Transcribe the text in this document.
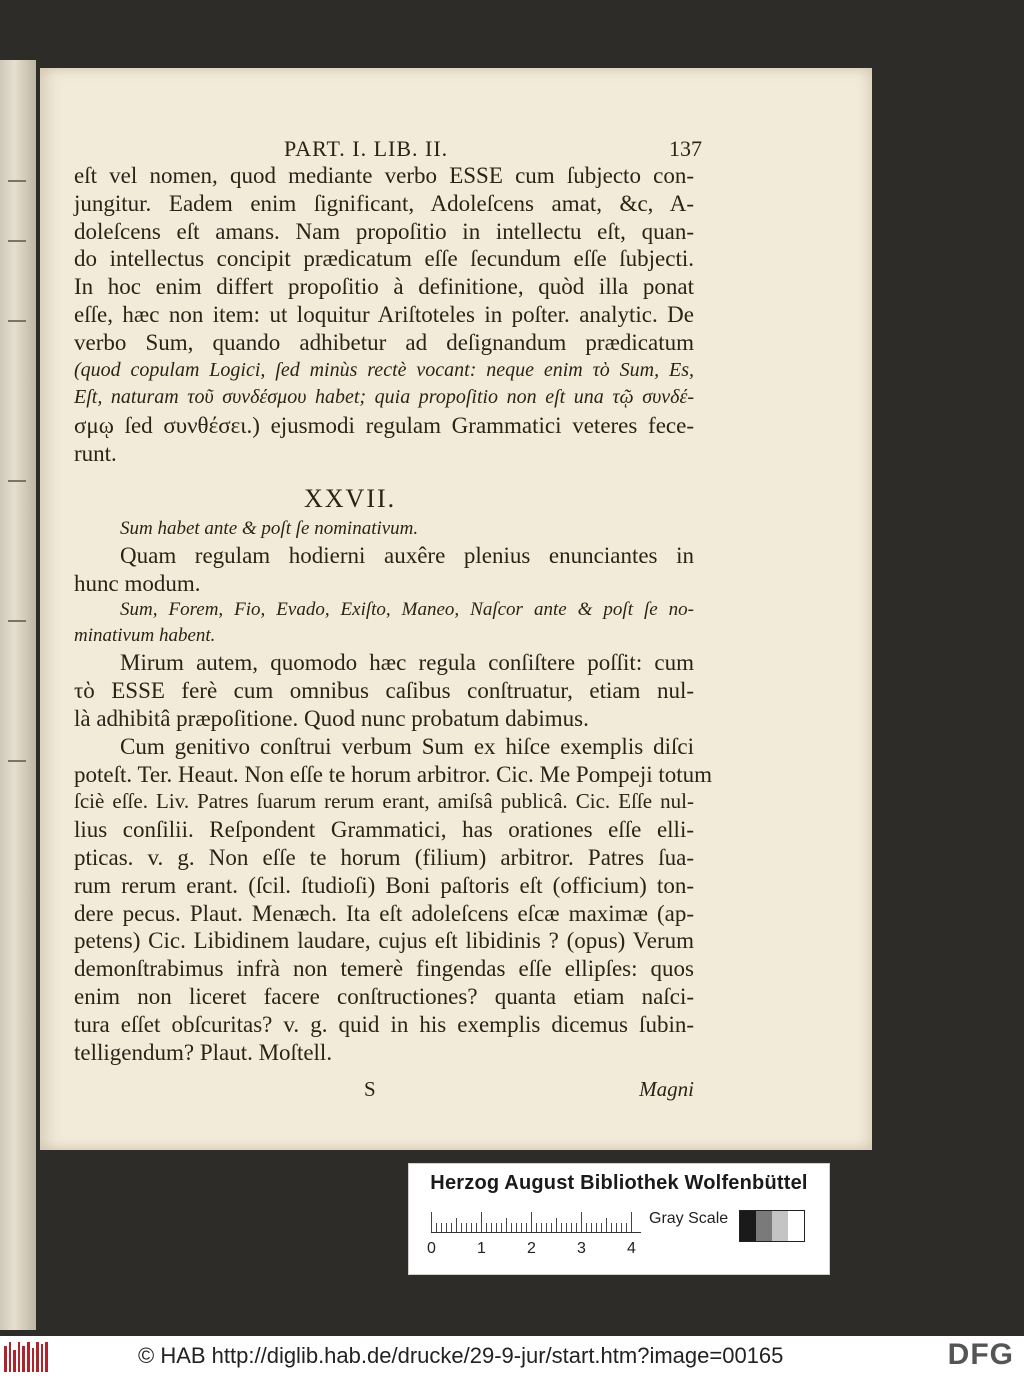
PART. I. LIB. II.	137

eſt vel nomen, quod mediante verbo ESSE cum ſubjecto con-
jungitur. Eadem enim ſignificant, Adoleſcens amat, &c, A-
doleſcens eſt amans. Nam propoſitio in intellectu eſt, quan-
do intellectus concipit prædicatum eſſe ſecundum eſſe ſubjecti.
In hoc enim differt propoſitio à definitione, quòd illa ponat
eſſe, hæc non item: ut loquitur Ariſtoteles in poſter. analytic. De
verbo Sum, quando adhibetur ad deſignandum prædicatum
(quod copulam Logici, ſed minùs rectè vocant: neque enim τὸ Sum, Es,
Eſt, naturam τοῦ συνδέσμου habet; quia propoſitio non eſt una τῷ συνδέ-
σμῳ ſed συνθέσει.) ejusmodi regulam Grammatici veteres fece-
runt.

XXVII.
Sum habet ante & poſt ſe nominativum.

Quam regulam hodierni auxêre plenius enunciantes in
hunc modum.

Sum, Forem, Fio, Evado, Exiſto, Maneo, Naſcor ante & poſt ſe no-
minativum habent.

Mirum autem, quomodo hæc regula conſiſtere poſſit: cum
τὸ ESSE ferè cum omnibus caſibus conſtruatur, etiam nul-
là adhibitâ præpoſitione. Quod nunc probatum dabimus.

Cum genitivo conſtrui verbum Sum ex hiſce exemplis diſci
poteſt. Ter. Heaut. Non eſſe te horum arbitror. Cic. Me Pompeji totum
ſciè eſſe. Liv. Patres ſuarum rerum erant, amiſsâ publicâ. Cic. Eſſe nul-
lius conſilii. Reſpondent Grammatici, has orationes eſſe elli-
pticas. v. g. Non eſſe te horum (filium) arbitror. Patres ſua-
rum rerum erant. (ſcil. ſtudioſi) Boni paſtoris eſt (officium) ton-
dere pecus. Plaut. Menæch. Ita eſt adoleſcens eſcæ maximæ (ap-
petens) Cic. Libidinem laudare, cujus eſt libidinis ? (opus) Verum
demonſtrabimus infrà non temerè fingendas eſſe ellipſes: quos
enim non liceret facere conſtructiones? quanta etiam naſci-
tura eſſet obſcuritas? v. g. quid in his exemplis dicemus ſubin-
telligendum? Plaut. Moſtell.

S	Magni
Herzog August Bibliothek Wolfenbüttel
0	1	2	3	4
Gray Scale
© HAB http://diglib.hab.de/drucke/29-9-jur/start.htm?image=00165	DFG
